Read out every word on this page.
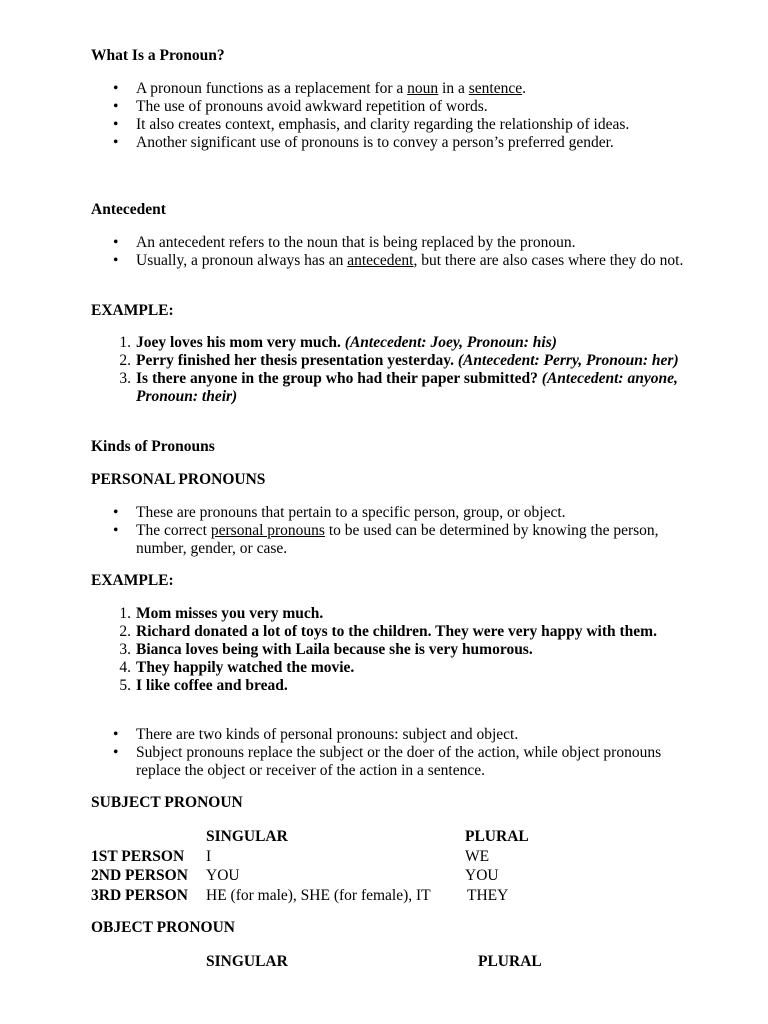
What Is a Pronoun?
• A pronoun functions as a replacement for a noun in a sentence.
• The use of pronouns avoid awkward repetition of words.
• It also creates context, emphasis, and clarity regarding the relationship of ideas.
• Another significant use of pronouns is to convey a person’s preferred gender.
Antecedent
• An antecedent refers to the noun that is being replaced by the pronoun.
• Usually, a pronoun always has an antecedent, but there are also cases where they do not.
EXAMPLE:
1. Joey loves his mom very much. (Antecedent: Joey, Pronoun: his)
2. Perry finished her thesis presentation yesterday. (Antecedent: Perry, Pronoun: her)
3. Is there anyone in the group who had their paper submitted? (Antecedent: anyone, Pronoun: their)
Kinds of Pronouns
PERSONAL PRONOUNS
• These are pronouns that pertain to a specific person, group, or object.
• The correct personal pronouns to be used can be determined by knowing the person, number, gender, or case.
EXAMPLE:
1. Mom misses you very much.
2. Richard donated a lot of toys to the children. They were very happy with them.
3. Bianca loves being with Laila because she is very humorous.
4. They happily watched the movie.
5. I like coffee and bread.
• There are two kinds of personal pronouns: subject and object.
• Subject pronouns replace the subject or the doer of the action, while object pronouns replace the object or receiver of the action in a sentence.
SUBJECT PRONOUN
SINGULAR	PLURAL
1ST PERSON I	WE
2ND PERSON YOU	YOU
3RD PERSON HE (for male), SHE (for female), IT THEY
OBJECT PRONOUN
SINGULAR	PLURAL
